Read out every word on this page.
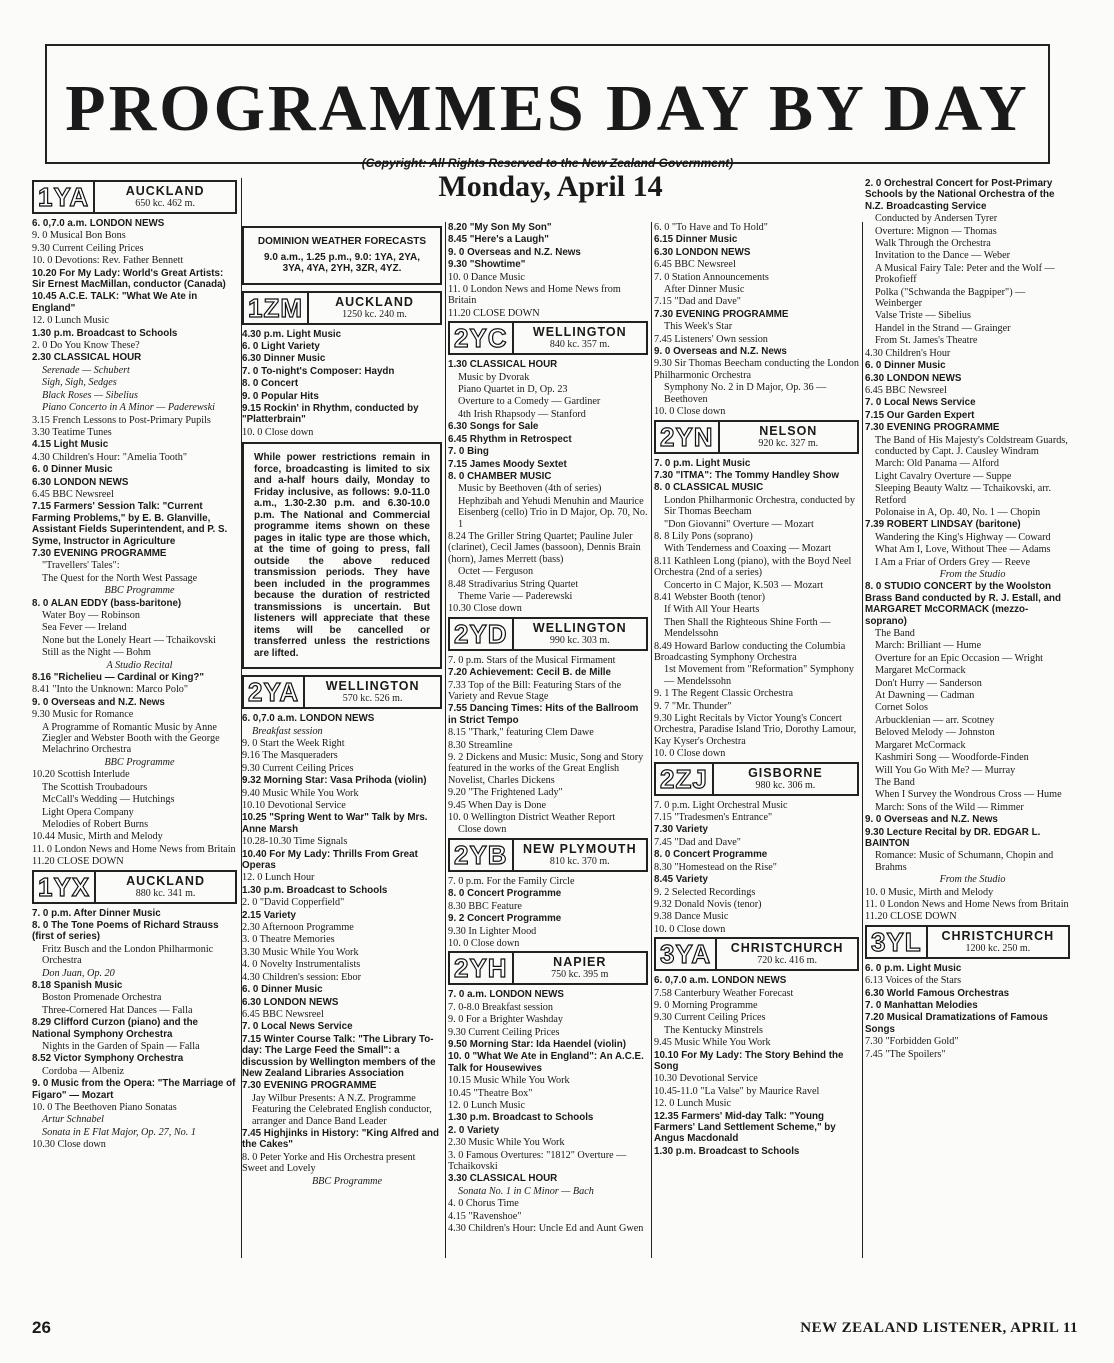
PROGRAMMES DAY BY DAY
(Copyright: All Rights Reserved to the New Zealand Government)
Monday, April 14
1YA	AUCKLAND
650 kc. 462 m.
6. 0,7.0 a.m. LONDON NEWS
9. 0 Musical Bon Bons
9.30 Current Ceiling Prices
10. 0 Devotions: Rev. Father Bennett
10.20 For My Lady: World's Great Artists: Sir Ernest MacMillan, conductor (Canada)
10.45 A.C.E. TALK: "What We Ate in England"
12. 0 Lunch Music
1.30 p.m. Broadcast to Schools
2. 0 Do You Know These?
2.30 CLASSICAL HOUR
Serenade — Schubert
Sigh, Sigh, Sedges
Black Roses — Sibelius
Piano Concerto in A Minor — Paderewski
3.15 French Lessons to Post-Primary Pupils
3.30 Teatime Tunes
4.15 Light Music
4.30 Children's Hour: "Amelia Tooth"
6. 0 Dinner Music
6.30 LONDON NEWS
6.45 BBC Newsreel
7.15 Farmers' Session Talk: "Current Farming Problems," by E. B. Glanville, Assistant Fields Superintendent, and P. S. Syme, Instructor in Agriculture
7.30 EVENING PROGRAMME
"Travellers' Tales":
The Quest for the North West Passage
BBC Programme
8. 0 ALAN EDDY (bass-baritone)
Water Boy — Robinson
Sea Fever — Ireland
None but the Lonely Heart — Tchaikovski
Still as the Night — Bohm
A Studio Recital
8.16 "Richelieu — Cardinal or King?"
8.41 "Into the Unknown: Marco Polo"
9. 0 Overseas and N.Z. News
9.30 Music for Romance
A Programme of Romantic Music by Anne Ziegler and Webster Booth with the George Melachrino Orchestra
BBC Programme
10.20 Scottish Interlude
The Scottish Troubadours
McCall's Wedding — Hutchings
Light Opera Company
Melodies of Robert Burns
10.44 Music, Mirth and Melody
11. 0 London News and Home News from Britain
11.20 CLOSE DOWN
1YX	AUCKLAND
880 kc. 341 m.
7. 0 p.m. After Dinner Music
8. 0 The Tone Poems of Richard Strauss (first of series)
Fritz Busch and the London Philharmonic Orchestra
Don Juan, Op. 20
8.18 Spanish Music
Boston Promenade Orchestra
Three-Cornered Hat Dances — Falla
8.29 Clifford Curzon (piano) and the National Symphony Orchestra
Nights in the Garden of Spain — Falla
8.52 Victor Symphony Orchestra
Cordoba — Albeniz
9. 0 Music from the Opera: "The Marriage of Figaro" — Mozart
10. 0 The Beethoven Piano Sonatas
Artur Schnabel
Sonata in E Flat Major, Op. 27, No. 1
10.30 Close down
DOMINION WEATHER FORECASTS
9.0 a.m., 1.25 p.m., 9.0: 1YA, 2YA, 3YA, 4YA, 2YH, 3ZR, 4YZ.
1ZM	AUCKLAND
1250 kc. 240 m.
4.30 p.m. Light Music
6. 0 Light Variety
6.30 Dinner Music
7. 0 To-night's Composer: Haydn
8. 0 Concert
9. 0 Popular Hits
9.15 Rockin' in Rhythm, conducted by "Platterbrain"
10. 0 Close down
While power restrictions remain in force, broadcasting is limited to six and a-half hours daily, Monday to Friday inclusive, as follows: 9.0-11.0 a.m., 1.30-2.30 p.m. and 6.30-10.0 p.m. The National and Commercial programme items shown on these pages in italic type are those which, at the time of going to press, fall outside the above reduced transmission periods. They have been included in the programmes because the duration of restricted transmissions is uncertain. But listeners will appreciate that these items will be cancelled or transferred unless the restrictions are lifted.
2YA	WELLINGTON
570 kc. 526 m.
6. 0,7.0 a.m. LONDON NEWS
Breakfast session
9. 0 Start the Week Right
9.16 The Masqueraders
9.30 Current Ceiling Prices
9.32 Morning Star: Vasa Prihoda (violin)
9.40 Music While You Work
10.10 Devotional Service
10.25 "Spring Went to War" Talk by Mrs. Anne Marsh
10.28-10.30 Time Signals
10.40 For My Lady: Thrills From Great Operas
12. 0 Lunch Hour
1.30 p.m. Broadcast to Schools
2. 0 "David Copperfield"
2.15 Variety
2.30 Afternoon Programme
3. 0 Theatre Memories
3.30 Music While You Work
4. 0 Novelty Instrumentalists
4.30 Children's session: Ebor
6. 0 Dinner Music
6.30 LONDON NEWS
6.45 BBC Newsreel
7. 0 Local News Service
7.15 Winter Course Talk: "The Library To-day: The Large Feed the Small": a discussion by Wellington members of the New Zealand Libraries Association
7.30 EVENING PROGRAMME
Jay Wilbur Presents: A N.Z. Programme Featuring the Celebrated English conductor, arranger and Dance Band Leader
7.45 Highjinks in History: "King Alfred and the Cakes"
8. 0 Peter Yorke and His Orchestra present Sweet and Lovely
BBC Programme
8.20 "My Son My Son"
8.45 "Here's a Laugh"
9. 0 Overseas and N.Z. News
9.30 "Showtime"
10. 0 Dance Music
11. 0 London News and Home News from Britain
11.20 CLOSE DOWN
2YC	WELLINGTON
840 kc. 357 m.
1.30 CLASSICAL HOUR
Music by Dvorak
Piano Quartet in D, Op. 23
Overture to a Comedy — Gardiner
4th Irish Rhapsody — Stanford
6.30 Songs for Sale
6.45 Rhythm in Retrospect
7. 0 Bing
7.15 James Moody Sextet
8. 0 CHAMBER MUSIC
Music by Beethoven (4th of series)
Hephzibah and Yehudi Menuhin and Maurice Eisenberg (cello) Trio in D Major, Op. 70, No. 1
8.24 The Griller String Quartet; Pauline Juler (clarinet), Cecil James (bassoon), Dennis Brain (horn), James Merrett (bass)
Octet — Ferguson
8.48 Stradivarius String Quartet
Theme Varie — Paderewski
10.30 Close down
2YD	WELLINGTON
990 kc. 303 m.
7. 0 p.m. Stars of the Musical Firmament
7.20 Achievement: Cecil B. de Mille
7.33 Top of the Bill: Featuring Stars of the Variety and Revue Stage
7.55 Dancing Times: Hits of the Ballroom in Strict Tempo
8.15 "Thark," featuring Clem Dawe
8.30 Streamline
9. 2 Dickens and Music: Music, Song and Story featured in the works of the Great English Novelist, Charles Dickens
9.20 "The Frightened Lady"
9.45 When Day is Done
10. 0 Wellington District Weather Report
Close down
2YB	NEW PLYMOUTH
810 kc. 370 m.
7. 0 p.m. For the Family Circle
8. 0 Concert Programme
8.30 BBC Feature
9. 2 Concert Programme
9.30 In Lighter Mood
10. 0 Close down
2YH	NAPIER
750 kc. 395 m
7. 0 a.m. LONDON NEWS
7. 0-8.0 Breakfast session
9. 0 For a Brighter Washday
9.30 Current Ceiling Prices
9.50 Morning Star: Ida Haendel (violin)
10. 0 "What We Ate in England": An A.C.E. Talk for Housewives
10.15 Music While You Work
10.45 "Theatre Box"
12. 0 Lunch Music
1.30 p.m. Broadcast to Schools
2. 0 Variety
2.30 Music While You Work
3. 0 Famous Overtures: "1812" Overture — Tchaikovski
3.30 CLASSICAL HOUR
Sonata No. 1 in C Minor — Bach
4. 0 Chorus Time
4.15 "Ravenshoe"
4.30 Children's Hour: Uncle Ed and Aunt Gwen
6. 0 "To Have and To Hold"
6.15 Dinner Music
6.30 LONDON NEWS
6.45 BBC Newsreel
7. 0 Station Announcements
After Dinner Music
7.15 "Dad and Dave"
7.30 EVENING PROGRAMME
This Week's Star
7.45 Listeners' Own session
9. 0 Overseas and N.Z. News
9.30 Sir Thomas Beecham conducting the London Philharmonic Orchestra
Symphony No. 2 in D Major, Op. 36 — Beethoven
10. 0 Close down
2YN	NELSON
920 kc. 327 m.
7. 0 p.m. Light Music
7.30 "ITMA": The Tommy Handley Show
8. 0 CLASSICAL MUSIC
London Philharmonic Orchestra, conducted by Sir Thomas Beecham
"Don Giovanni" Overture — Mozart
8. 8 Lily Pons (soprano)
With Tenderness and Coaxing — Mozart
8.11 Kathleen Long (piano), with the Boyd Neel Orchestra (2nd of a series)
Concerto in C Major, K.503 — Mozart
8.41 Webster Booth (tenor)
If With All Your Hearts
Then Shall the Righteous Shine Forth — Mendelssohn
8.49 Howard Barlow conducting the Columbia Broadcasting Symphony Orchestra
1st Movement from "Reformation" Symphony — Mendelssohn
9. 1 The Regent Classic Orchestra
9. 7 "Mr. Thunder"
9.30 Light Recitals by Victor Young's Concert Orchestra, Paradise Island Trio, Dorothy Lamour, Kay Kyser's Orchestra
10. 0 Close down
2ZJ	GISBORNE
980 kc. 306 m.
7. 0 p.m. Light Orchestral Music
7.15 "Tradesmen's Entrance"
7.30 Variety
7.45 "Dad and Dave"
8. 0 Concert Programme
8.30 "Homestead on the Rise"
8.45 Variety
9. 2 Selected Recordings
9.32 Donald Novis (tenor)
9.38 Dance Music
10. 0 Close down
3YA	CHRISTCHURCH
720 kc. 416 m.
6. 0,7.0 a.m. LONDON NEWS
7.58 Canterbury Weather Forecast
9. 0 Morning Programme
9.30 Current Ceiling Prices
The Kentucky Minstrels
9.45 Music While You Work
10.10 For My Lady: The Story Behind the Song
10.30 Devotional Service
10.45-11.0 "La Valse" by Maurice Ravel
12. 0 Lunch Music
12.35 Farmers' Mid-day Talk: "Young Farmers' Land Settlement Scheme," by Angus Macdonald
1.30 p.m. Broadcast to Schools
2. 0 Orchestral Concert for Post-Primary Schools by the National Orchestra of the N.Z. Broadcasting Service
Conducted by Andersen Tyrer
Overture: Mignon — Thomas
Walk Through the Orchestra
Invitation to the Dance — Weber
A Musical Fairy Tale: Peter and the Wolf — Prokofieff
Polka ("Schwanda the Bagpiper") — Weinberger
Valse Triste — Sibelius
Handel in the Strand — Grainger
From St. James's Theatre
4.30 Children's Hour
6. 0 Dinner Music
6.30 LONDON NEWS
6.45 BBC Newsreel
7. 0 Local News Service
7.15 Our Garden Expert
7.30 EVENING PROGRAMME
The Band of His Majesty's Coldstream Guards, conducted by Capt. J. Causley Windram
March: Old Panama — Alford
Light Cavalry Overture — Suppe
Sleeping Beauty Waltz — Tchaikovski, arr. Retford
Polonaise in A, Op. 40, No. 1 — Chopin
7.39 ROBERT LINDSAY (baritone)
Wandering the King's Highway — Coward
What Am I, Love, Without Thee — Adams
I Am a Friar of Orders Grey — Reeve
From the Studio
8. 0 STUDIO CONCERT by the Woolston Brass Band conducted by R. J. Estall, and MARGARET McCORMACK (mezzo-soprano)
The Band
March: Brilliant — Hume
Overture for an Epic Occasion — Wright
Margaret McCormack
Don't Hurry — Sanderson
At Dawning — Cadman
Cornet Solos
Arbucklenian — arr. Scotney
Beloved Melody — Johnston
Margaret McCormack
Kashmiri Song — Woodforde-Finden
Will You Go With Me? — Murray
The Band
When I Survey the Wondrous Cross — Hume
March: Sons of the Wild — Rimmer
9. 0 Overseas and N.Z. News
9.30 Lecture Recital by DR. EDGAR L. BAINTON
Romance: Music of Schumann, Chopin and Brahms
From the Studio
10. 0 Music, Mirth and Melody
11. 0 London News and Home News from Britain
11.20 CLOSE DOWN
3YL	CHRISTCHURCH
1200 kc. 250 m.
6. 0 p.m. Light Music
6.13 Voices of the Stars
6.30 World Famous Orchestras
7. 0 Manhattan Melodies
7.20 Musical Dramatizations of Famous Songs
7.30 "Forbidden Gold"
7.45 "The Spoilers"
26	NEW ZEALAND LISTENER, APRIL 11
